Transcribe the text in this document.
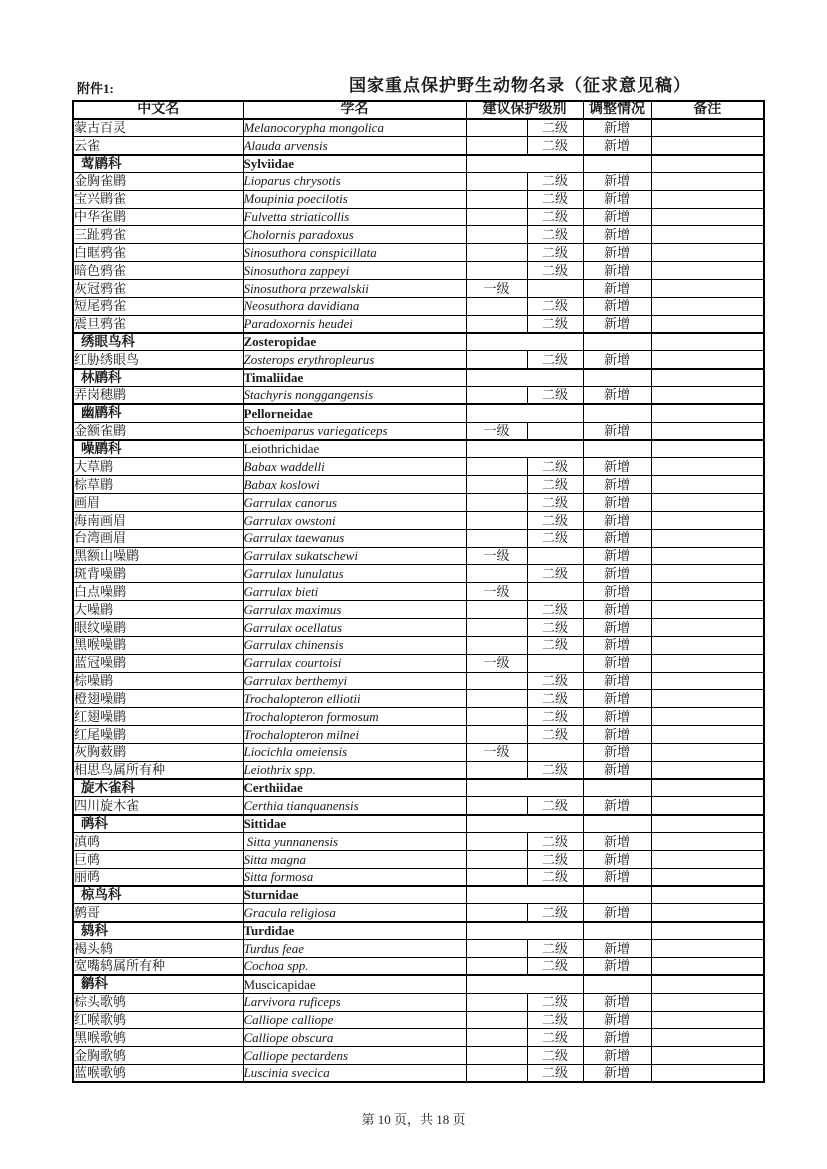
附件1:	国家重点保护野生动物名录（征求意见稿）
中文名	学名	建议保护级别		调整情况	备注
蒙古百灵	Melanocorypha mongolica		二级	新增	
云雀	Alauda arvensis		二级	新增	
莺鹛科	Sylviidae				
金胸雀鹛	Lioparus chrysotis		二级	新增	
宝兴鹛雀	Moupinia poecilotis		二级	新增	
中华雀鹛	Fulvetta striaticollis		二级	新增	
三趾鸦雀	Cholornis paradoxus		二级	新增	
白眶鸦雀	Sinosuthora conspicillata		二级	新增	
暗色鸦雀	Sinosuthora zappeyi		二级	新增	
灰冠鸦雀	Sinosuthora przewalskii	一级		新增	
短尾鸦雀	Neosuthora davidiana		二级	新增	
震旦鸦雀	Paradoxornis heudei		二级	新增	
绣眼鸟科	Zosteropidae				
红胁绣眼鸟	Zosterops erythropleurus		二级	新增	
林鹛科	Timaliidae				
弄岗穗鹛	Stachyris nonggangensis		二级	新增	
幽鹛科	Pellorneidae				
金额雀鹛	Schoeniparus variegaticeps	一级		新增	
噪鹛科	Leiothrichidae				
大草鹛	Babax waddelli		二级	新增	
棕草鹛	Babax koslowi		二级	新增	
画眉	Garrulax canorus		二级	新增	
海南画眉	Garrulax owstoni		二级	新增	
台湾画眉	Garrulax taewanus		二级	新增	
黑额山噪鹛	Garrulax sukatschewi	一级		新增	
斑背噪鹛	Garrulax lunulatus		二级	新增	
白点噪鹛	Garrulax bieti	一级		新增	
大噪鹛	Garrulax maximus		二级	新增	
眼纹噪鹛	Garrulax ocellatus		二级	新增	
黑喉噪鹛	Garrulax chinensis		二级	新增	
蓝冠噪鹛	Garrulax courtoisi	一级		新增	
棕噪鹛	Garrulax berthemyi		二级	新增	
橙翅噪鹛	Trochalopteron elliotii		二级	新增	
红翅噪鹛	Trochalopteron formosum		二级	新增	
红尾噪鹛	Trochalopteron milnei		二级	新增	
灰胸薮鹛	Liocichla omeiensis	一级		新增	
相思鸟属所有种	Leiothrix spp.		二级	新增	
旋木雀科	Certhiidae				
四川旋木雀	Certhia tianquanensis		二级	新增	
䴓科	Sittidae				
滇䴓	Sitta yunnanensis		二级	新增	
巨䴓	Sitta magna		二级	新增	
丽䴓	Sitta formosa		二级	新增	
椋鸟科	Sturnidae				
鹩哥	Gracula religiosa		二级	新增	
鸫科	Turdidae				
褐头鸫	Turdus feae		二级	新增	
宽嘴鸫属所有种	Cochoa spp.		二级	新增	
鹟科	Muscicapidae				
棕头歌鸲	Larvivora ruficeps		二级	新增	
红喉歌鸲	Calliope calliope		二级	新增	
黑喉歌鸲	Calliope obscura		二级	新增	
金胸歌鸲	Calliope pectardens		二级	新增	
蓝喉歌鸲	Luscinia svecica		二级	新增	
第 10 页，共 18 页
